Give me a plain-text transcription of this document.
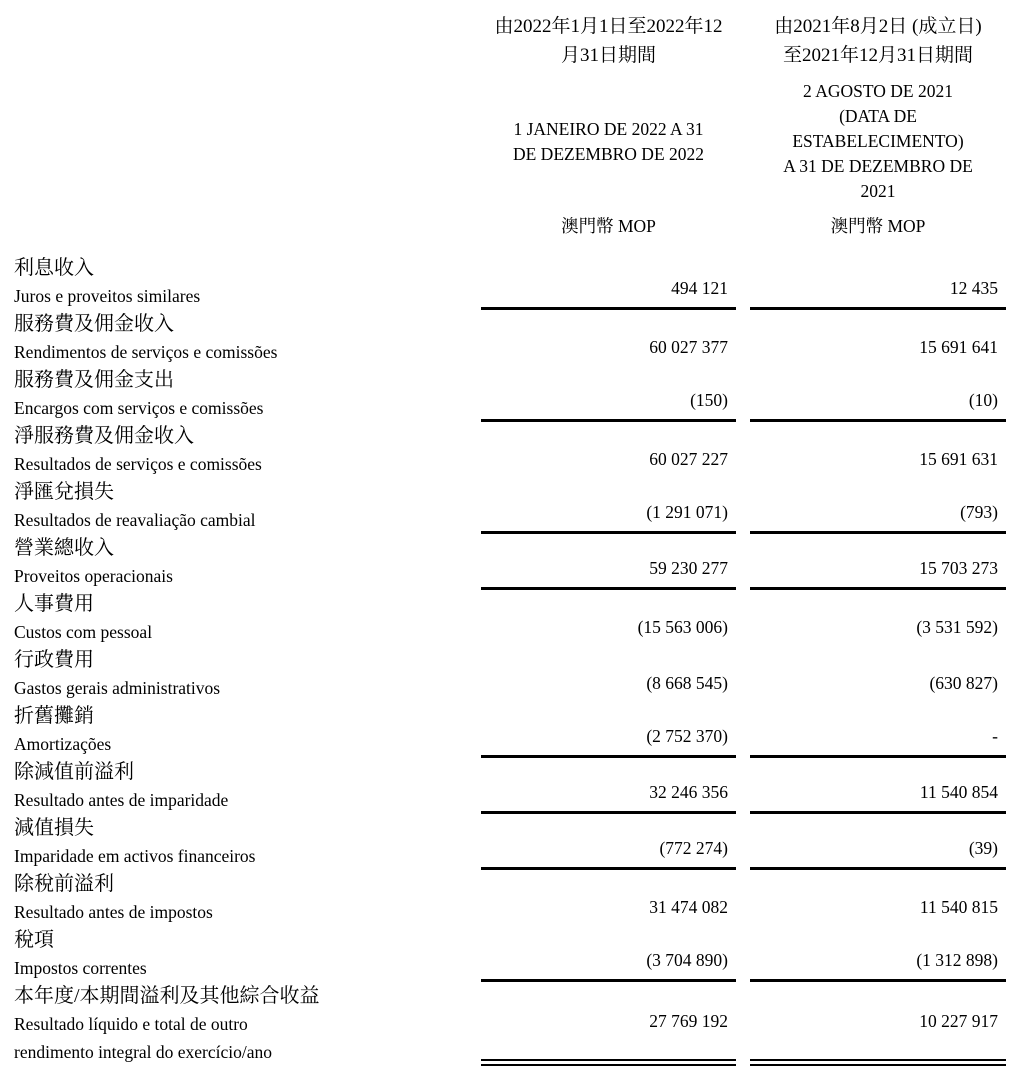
由2022年1月1日至2022年12
月31日期間
1 JANEIRO DE 2022 A 31
DE DEZEMBRO DE 2022
澳門幣 MOP
由2021年8月2日 (成立日)
至2021年12月31日期間
2 AGOSTO DE 2021
(DATA DE
ESTABELECIMENTO)
A 31 DE DEZEMBRO DE
2021
澳門幣 MOP
利息收入
Juros e proveitos similares	494 121	12 435
服務費及佣金收入
Rendimentos de serviços e comissões	60 027 377	15 691 641
服務費及佣金支出
Encargos com serviços e comissões	(150)	(10)
淨服務費及佣金收入
Resultados de serviços e comissões	60 027 227	15 691 631
淨匯兌損失
Resultados de reavaliação cambial	(1 291 071)	(793)
營業總收入
Proveitos operacionais	59 230 277	15 703 273
人事費用
Custos com pessoal	(15 563 006)	(3 531 592)
行政費用
Gastos gerais administrativos	(8 668 545)	(630 827)
折舊攤銷
Amortizações	(2 752 370)	-
除減值前溢利
Resultado antes de imparidade	32 246 356	11 540 854
減值損失
Imparidade em activos financeiros	(772 274)	(39)
除稅前溢利
Resultado antes de impostos	31 474 082	11 540 815
稅項
Impostos correntes	(3 704 890)	(1 312 898)
本年度/本期間溢利及其他綜合收益
Resultado líquido e total de outro
rendimento integral do exercício/ano
27 769 192	10 227 917
